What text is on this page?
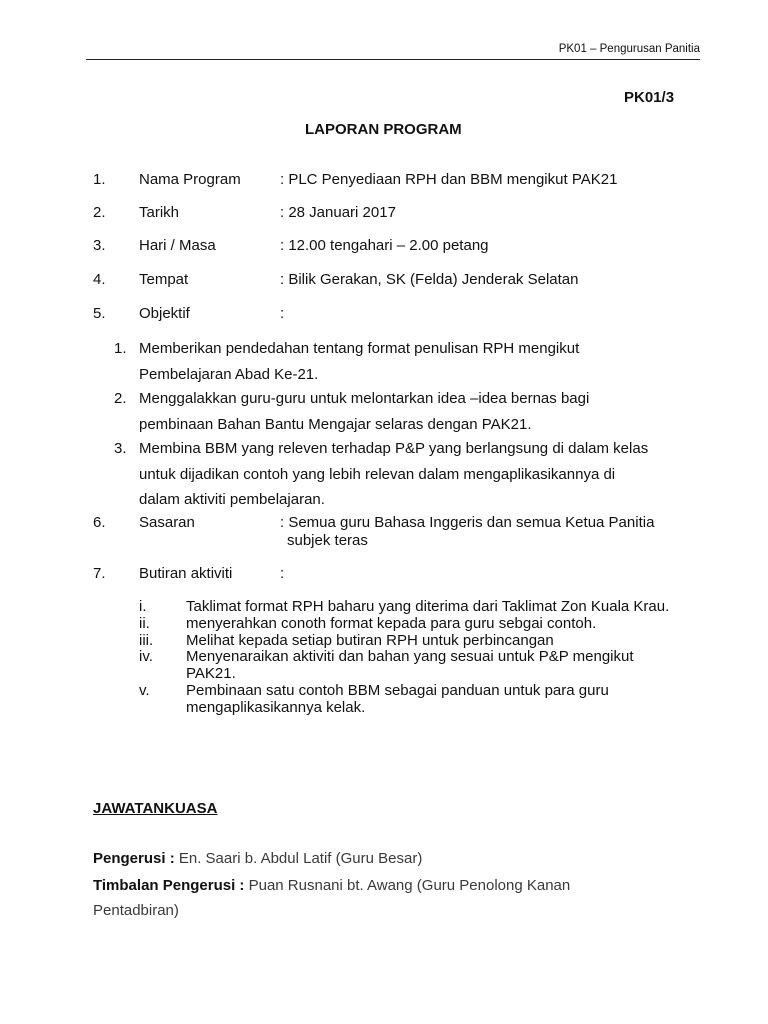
PK01 – Pengurusan Panitia
PK01/3
LAPORAN PROGRAM
1. Nama Program	: PLC Penyediaan RPH dan BBM mengikut PAK21
2. Tarikh	: 28 Januari 2017
3. Hari / Masa	: 12.00 tengahari – 2.00 petang
4. Tempat	: Bilik Gerakan, SK (Felda) Jenderak Selatan
5. Objektif	:
1. Memberikan pendedahan tentang format penulisan RPH mengikut
Pembelajaran Abad Ke-21.
2. Menggalakkan guru-guru untuk melontarkan idea –idea bernas bagi
pembinaan Bahan Bantu Mengajar selaras dengan PAK21.
3. Membina BBM yang releven terhadap P&P yang berlangsung di dalam kelas
untuk dijadikan contoh yang lebih relevan dalam mengaplikasikannya di
dalam aktiviti pembelajaran.
6. Sasaran	: Semua guru Bahasa Inggeris dan semua Ketua Panitia
subjek teras
7. Butiran aktiviti	:
i.	Taklimat format RPH baharu yang diterima dari Taklimat Zon Kuala Krau.
ii.	menyerahkan conoth format kepada para guru sebgai contoh.
iii.	Melihat kepada setiap butiran RPH untuk perbincangan
iv.	Menyenaraikan aktiviti dan bahan yang sesuai untuk P&P mengikut PAK21.
v.	Pembinaan satu contoh BBM sebagai panduan untuk para guru mengaplikasikannya kelak.
JAWATANKUASA
Pengerusi : En. Saari b. Abdul Latif (Guru Besar)
Timbalan Pengerusi : Puan Rusnani bt. Awang (Guru Penolong Kanan
Pentadbiran)
